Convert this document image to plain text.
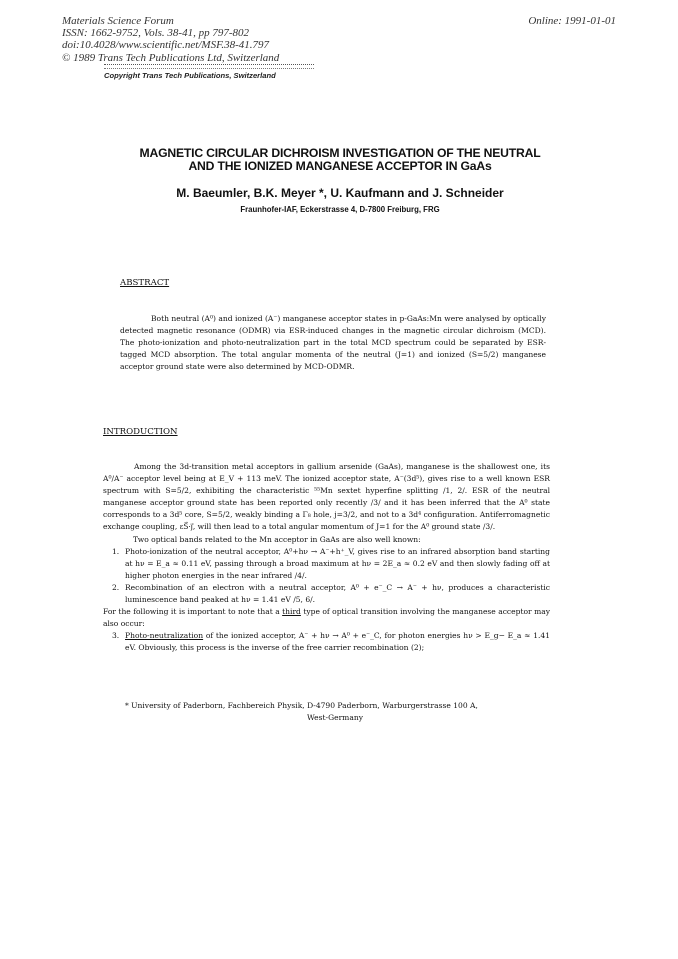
Materials Science Forum
ISSN: 1662-9752, Vols. 38-41, pp 797-802
doi:10.4028/www.scientific.net/MSF.38-41.797
© 1989 Trans Tech Publications Ltd, Switzerland
Online: 1991-01-01
Copyright Trans Tech Publications, Switzerland
MAGNETIC CIRCULAR DICHROISM INVESTIGATION OF THE NEUTRAL
AND THE IONIZED MANGANESE ACCEPTOR IN GaAs
M. Baeumler, B.K. Meyer *, U. Kaufmann and J. Schneider
Fraunhofer-IAF, Eckerstrasse 4, D-7800 Freiburg, FRG
ABSTRACT
Both neutral (A⁰) and ionized (A⁻) manganese acceptor states in p-GaAs:Mn were analysed by optically detected magnetic resonance (ODMR) via ESR-induced changes in the magnetic circular dichroism (MCD). The photo-ionization and photo-neutralization part in the total MCD spectrum could be separated by ESR-tagged MCD absorption. The total angular momenta of the neutral (J=1) and ionized (S=5/2) manganese acceptor ground state were also determined by MCD-ODMR.
INTRODUCTION

Among the 3d-transition metal acceptors in gallium arsenide (GaAs), manganese is the shallowest one, its A⁰/A⁻ acceptor level being at E_V + 113 meV. The ionized acceptor state, A⁻(3d⁵), gives rise to a well known ESR spectrum with S=5/2, exhibiting the characteristic ⁵⁵Mn sextet hyperfine splitting /1, 2/. ESR of the neutral manganese acceptor ground state has been reported only recently /3/ and it has been inferred that the A⁰ state corresponds to a 3d⁵ core, S=5/2, weakly binding a Γ₈ hole, j=3/2, and not to a 3d⁴ configuration. Antiferromagnetic exchange coupling, εS⃗·j⃗, will then lead to a total angular momentum of J=1 for the A⁰ ground state /3/.

Two optical bands related to the Mn acceptor in GaAs are also well known:

1. Photo-ionization of the neutral acceptor, A⁰+hν → A⁻+h⁺_V, gives rise to an infrared absorption band starting at hν = E_a ≈ 0.11 eV, passing through a broad maximum at hν = 2E_a ≈ 0.2 eV and then slowly fading off at higher photon energies in the near infrared /4/.
2. Recombination of an electron with a neutral acceptor, A⁰ + e⁻_C → A⁻ + hν, produces a characteristic luminescence band peaked at hν = 1.41 eV /5, 6/.

For the following it is important to note that a third type of optical transition involving the manganese acceptor may also occur:

3. Photo-neutralization of the ionized acceptor, A⁻ + hν → A⁰ + e⁻_C, for photon energies hν > E_g− E_a ≈ 1.41 eV. Obviously, this process is the inverse of the free carrier recombination (2);
* University of Paderborn, Fachbereich Physik, D-4790 Paderborn, Warburgerstrasse 100 A,
West-Germany
